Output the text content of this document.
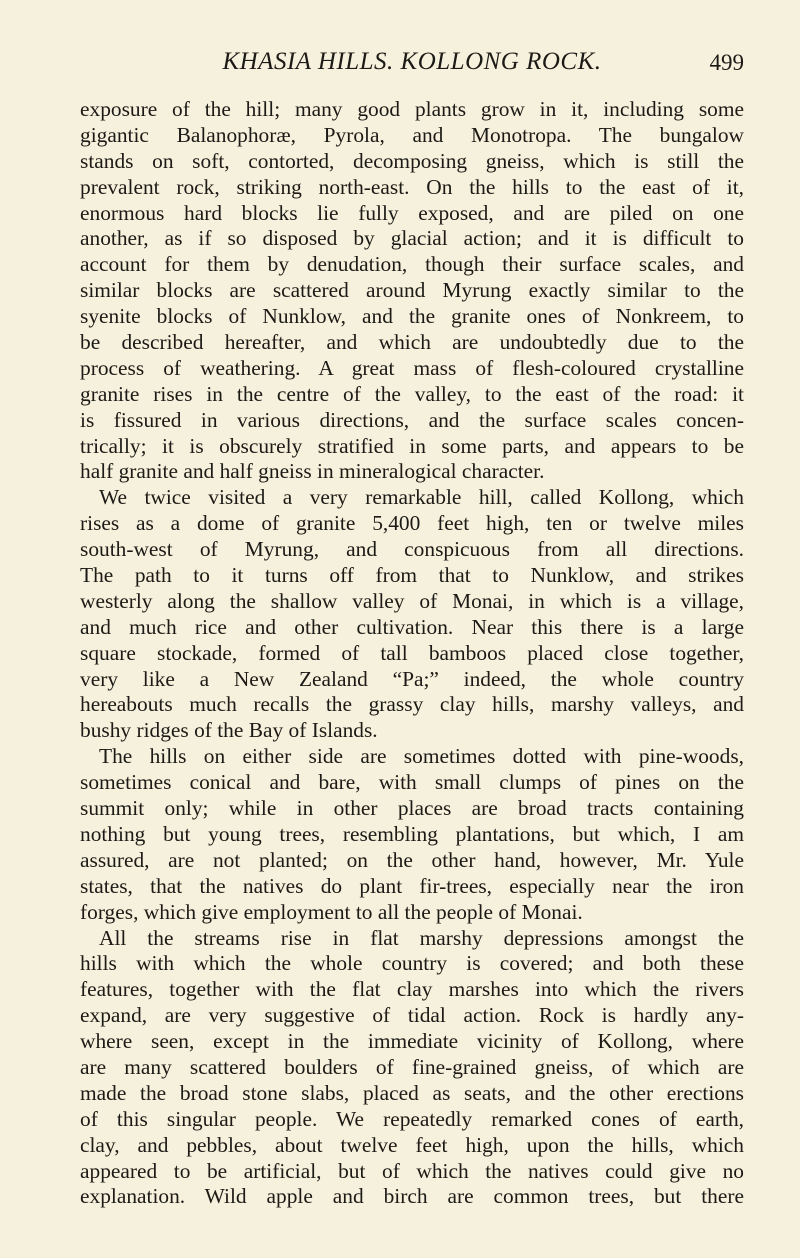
KHASIA HILLS. KOLLONG ROCK.	499
exposure of the hill; many good plants grow in it, including some
gigantic Balanophoræ, Pyrola, and Monotropa. The bungalow
stands on soft, contorted, decomposing gneiss, which is still the
prevalent rock, striking north-east. On the hills to the east of it,
enormous hard blocks lie fully exposed, and are piled on one
another, as if so disposed by glacial action; and it is difficult to
account for them by denudation, though their surface scales, and
similar blocks are scattered around Myrung exactly similar to the
syenite blocks of Nunklow, and the granite ones of Nonkreem, to
be described hereafter, and which are undoubtedly due to the
process of weathering. A great mass of flesh-coloured crystalline
granite rises in the centre of the valley, to the east of the road: it
is fissured in various directions, and the surface scales concen-
trically; it is obscurely stratified in some parts, and appears to be
half granite and half gneiss in mineralogical character.
We twice visited a very remarkable hill, called Kollong, which
rises as a dome of granite 5,400 feet high, ten or twelve miles
south-west of Myrung, and conspicuous from all directions.
The path to it turns off from that to Nunklow, and strikes
westerly along the shallow valley of Monai, in which is a village,
and much rice and other cultivation. Near this there is a large
square stockade, formed of tall bamboos placed close together,
very like a New Zealand “Pa;” indeed, the whole country
hereabouts much recalls the grassy clay hills, marshy valleys, and
bushy ridges of the Bay of Islands.
The hills on either side are sometimes dotted with pine-woods,
sometimes conical and bare, with small clumps of pines on the
summit only; while in other places are broad tracts containing
nothing but young trees, resembling plantations, but which, I am
assured, are not planted; on the other hand, however, Mr. Yule
states, that the natives do plant fir-trees, especially near the iron
forges, which give employment to all the people of Monai.
All the streams rise in flat marshy depressions amongst the
hills with which the whole country is covered; and both these
features, together with the flat clay marshes into which the rivers
expand, are very suggestive of tidal action. Rock is hardly any-
where seen, except in the immediate vicinity of Kollong, where
are many scattered boulders of fine-grained gneiss, of which are
made the broad stone slabs, placed as seats, and the other erections
of this singular people. We repeatedly remarked cones of earth,
clay, and pebbles, about twelve feet high, upon the hills, which
appeared to be artificial, but of which the natives could give no
explanation. Wild apple and birch are common trees, but there
